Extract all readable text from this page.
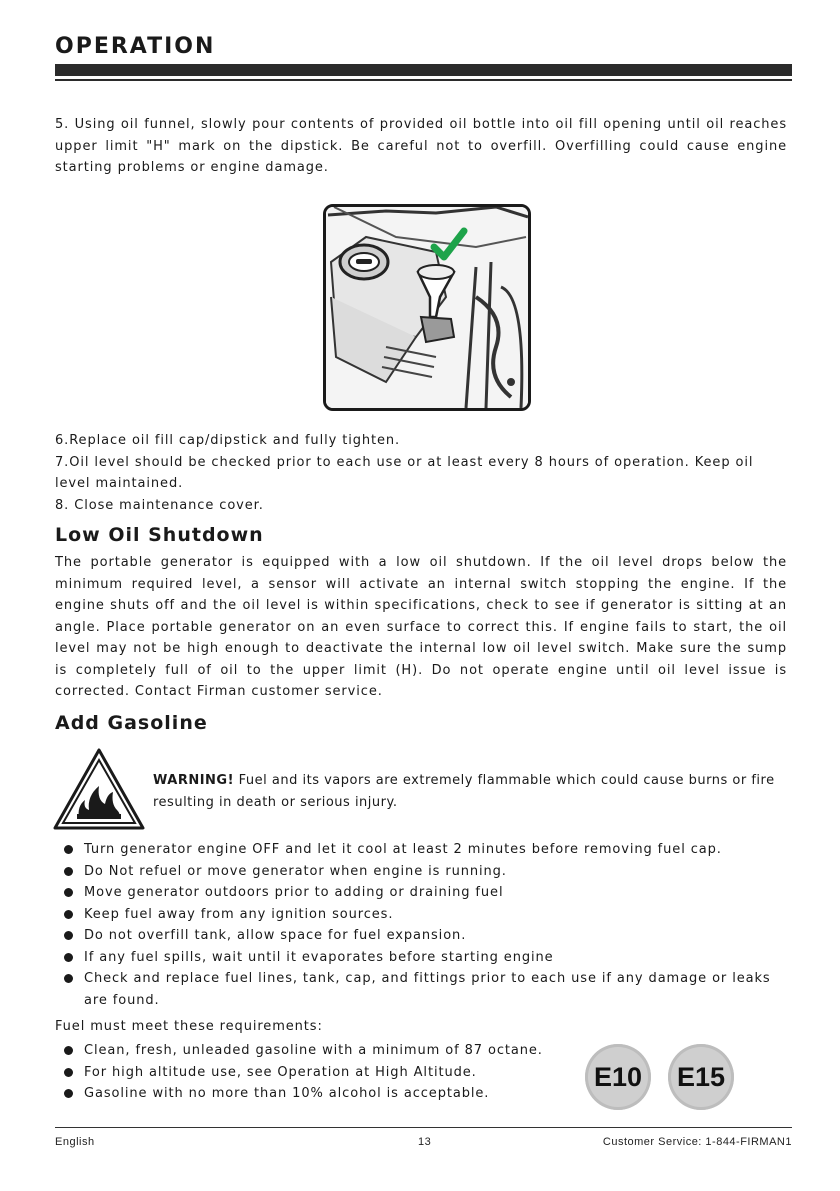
OPERATION
5. Using oil funnel, slowly pour contents of provided oil bottle into oil fill opening until oil reaches upper limit "H" mark on the dipstick. Be careful not to overfill. Overfilling could cause engine starting problems or engine damage.
6.Replace oil fill cap/dipstick and fully tighten.
7.Oil level should be checked prior to each use or at least every 8 hours of operation. Keep oil level maintained.
8. Close maintenance cover.
Low Oil Shutdown
The portable generator is equipped with a low oil shutdown. If the oil level drops below the minimum required level, a sensor will activate an internal switch stopping the engine. If the engine shuts off and the oil level is within specifications, check to see if generator is sitting at an angle. Place portable generator on an even surface to correct this. If engine fails to start, the oil level may not be high enough to deactivate the internal low oil level switch. Make sure the sump is completely full of oil to the upper limit (H). Do not operate engine until oil level issue is corrected. Contact Firman customer service.
Add Gasoline
WARNING! Fuel and its vapors are extremely flammable which could cause burns or fire resulting in death or serious injury.
Turn generator engine OFF and let it cool at least 2 minutes before removing fuel cap.
Do Not refuel or move generator when engine is running.
Move generator outdoors prior to adding or draining fuel
Keep fuel away from any ignition sources.
Do not overfill tank, allow space for fuel expansion.
If any fuel spills, wait until it evaporates before starting engine
Check and replace fuel lines, tank, cap, and fittings prior to each use if any damage or leaks are found.
Fuel must meet these requirements:
Clean, fresh, unleaded gasoline with a minimum of 87 octane.
For high altitude use, see Operation at High Altitude.
Gasoline with no more than 10% alcohol is acceptable.
E10	E15
English	13	Customer Service: 1-844-FIRMAN1
